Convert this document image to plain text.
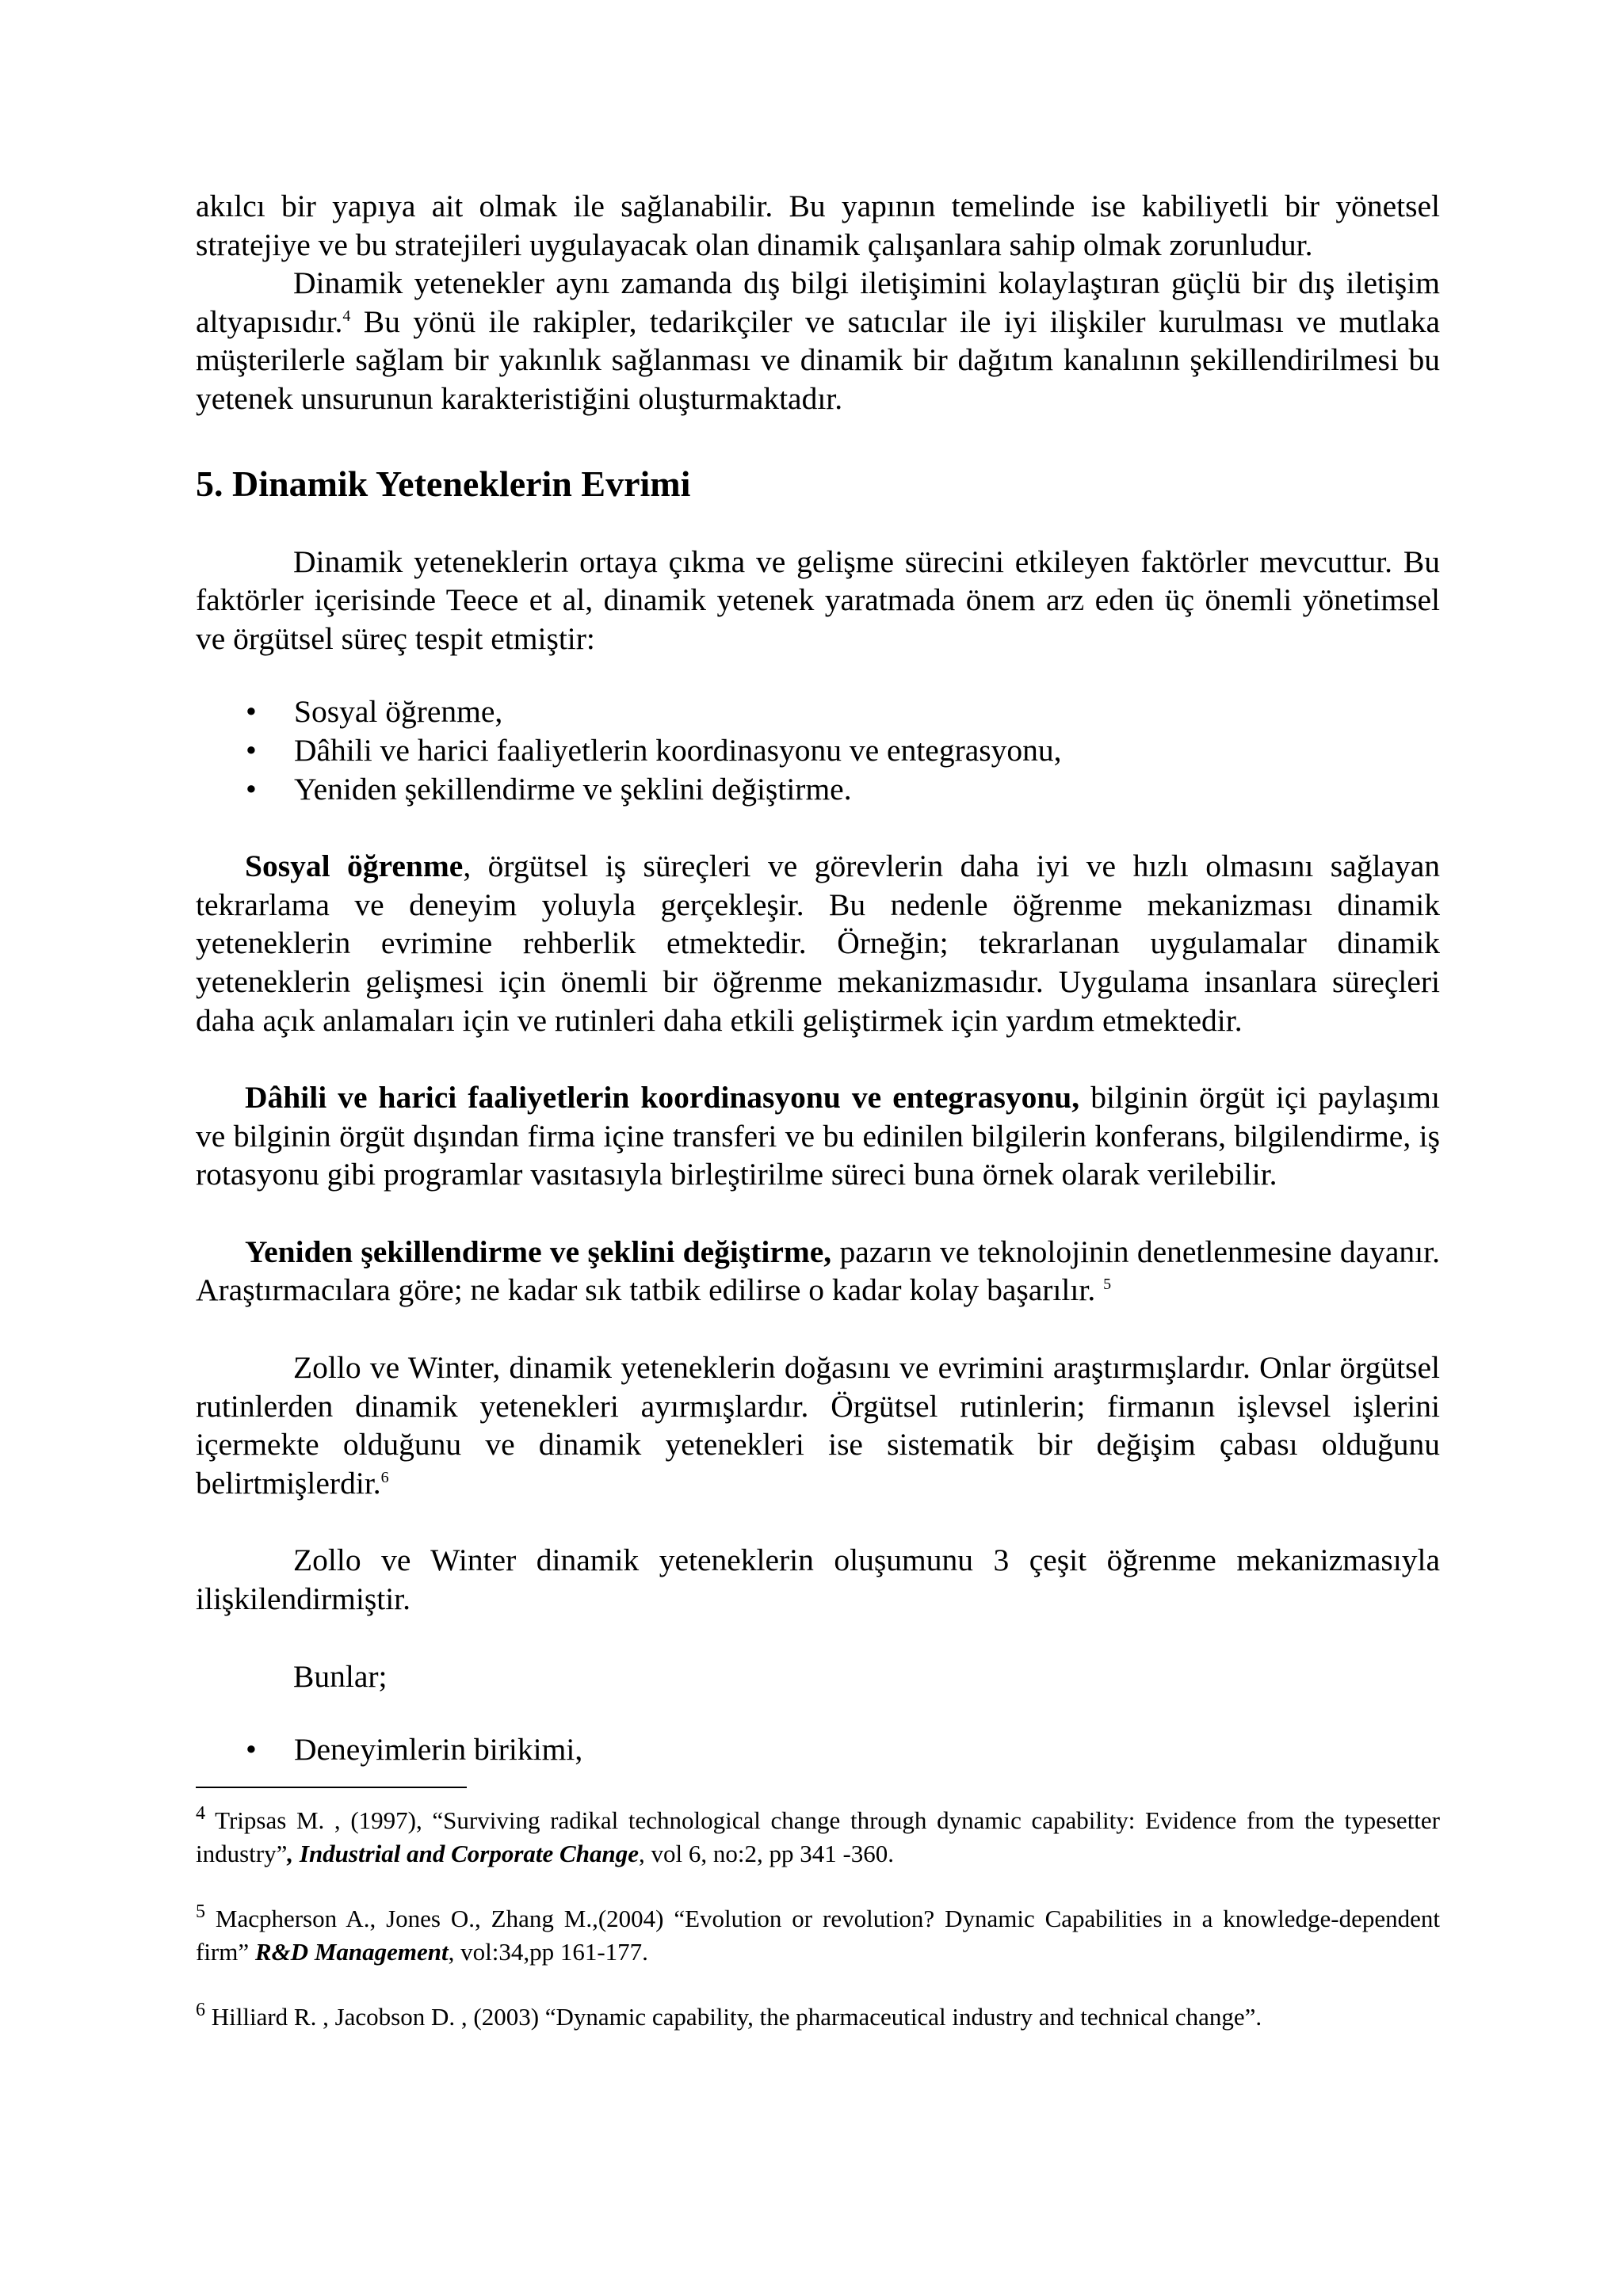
akılcı bir yapıya ait olmak ile sağlanabilir. Bu yapının temelinde ise kabiliyetli bir yönetsel stratejiye ve bu stratejileri uygulayacak olan dinamik çalışanlara sahip olmak zorunludur.

Dinamik yetenekler aynı zamanda dış bilgi iletişimini kolaylaştıran güçlü bir dış iletişim altyapısıdır.$^4$ Bu yönü ile rakipler, tedarikçiler ve satıcılar ile iyi ilişkiler kurulması ve mutlaka müşterilerle sağlam bir yakınlık sağlanması ve dinamik bir dağıtım kanalının şekillendirilmesi bu yetenek unsurunun karakteristiğini oluşturmaktadır.

5. Dinamik Yeteneklerin Evrimi

Dinamik yeteneklerin ortaya çıkma ve gelişme sürecini etkileyen faktörler mevcuttur. Bu faktörler içerisinde Teece et al, dinamik yetenek yaratmada önem arz eden üç önemli yönetimsel ve örgütsel süreç tespit etmiştir:

• Sosyal öğrenme,
• Dâhili ve harici faaliyetlerin koordinasyonu ve entegrasyonu,
• Yeniden şekillendirme ve şeklini değiştirme.

Sosyal öğrenme, örgütsel iş süreçleri ve görevlerin daha iyi ve hızlı olmasını sağlayan tekrarlama ve deneyim yoluyla gerçekleşir. Bu nedenle öğrenme mekanizması dinamik yeteneklerin evrimine rehberlik etmektedir. Örneğin; tekrarlanan uygulamalar dinamik yeteneklerin gelişmesi için önemli bir öğrenme mekanizmasıdır. Uygulama insanlara süreçleri daha açık anlamaları için ve rutinleri daha etkili geliştirmek için yardım etmektedir.

Dâhili ve harici faaliyetlerin koordinasyonu ve entegrasyonu, bilginin örgüt içi paylaşımı ve bilginin örgüt dışından firma içine transferi ve bu edinilen bilgilerin konferans, bilgilendirme, iş rotasyonu gibi programlar vasıtasıyla birleştirilme süreci buna örnek olarak verilebilir.

Yeniden şekillendirme ve şeklini değiştirme, pazarın ve teknolojinin denetlenmesine dayanır. Araştırmacılara göre; ne kadar sık tatbik edilirse o kadar kolay başarılır. $^5$

Zollo ve Winter, dinamik yeteneklerin doğasını ve evrimini araştırmışlardır. Onlar örgütsel rutinlerden dinamik yetenekleri ayırmışlardır. Örgütsel rutinlerin; firmanın işlevsel işlerini içermekte olduğunu ve dinamik yetenekleri ise sistematik bir değişim çabası olduğunu belirtmişlerdir.$^6$

Zollo ve Winter dinamik yeteneklerin oluşumunu 3 çeşit öğrenme mekanizmasıyla ilişkilendirmiştir.

Bunlar;

• Deneyimlerin birikimi,

$^4$ Tripsas M. , (1997), “Surviving radikal technological change through dynamic capability: Evidence from the typesetter industry”, Industrial and Corporate Change, vol 6, no:2, pp 341 -360.

$^5$ Macpherson A., Jones O., Zhang M.,(2004) “Evolution or revolution? Dynamic Capabilities in a knowledge-dependent firm” R&D Management, vol:34,pp 161-177.

$^6$ Hilliard R. , Jacobson D. , (2003) “Dynamic capability, the pharmaceutical industry and technical change”.
